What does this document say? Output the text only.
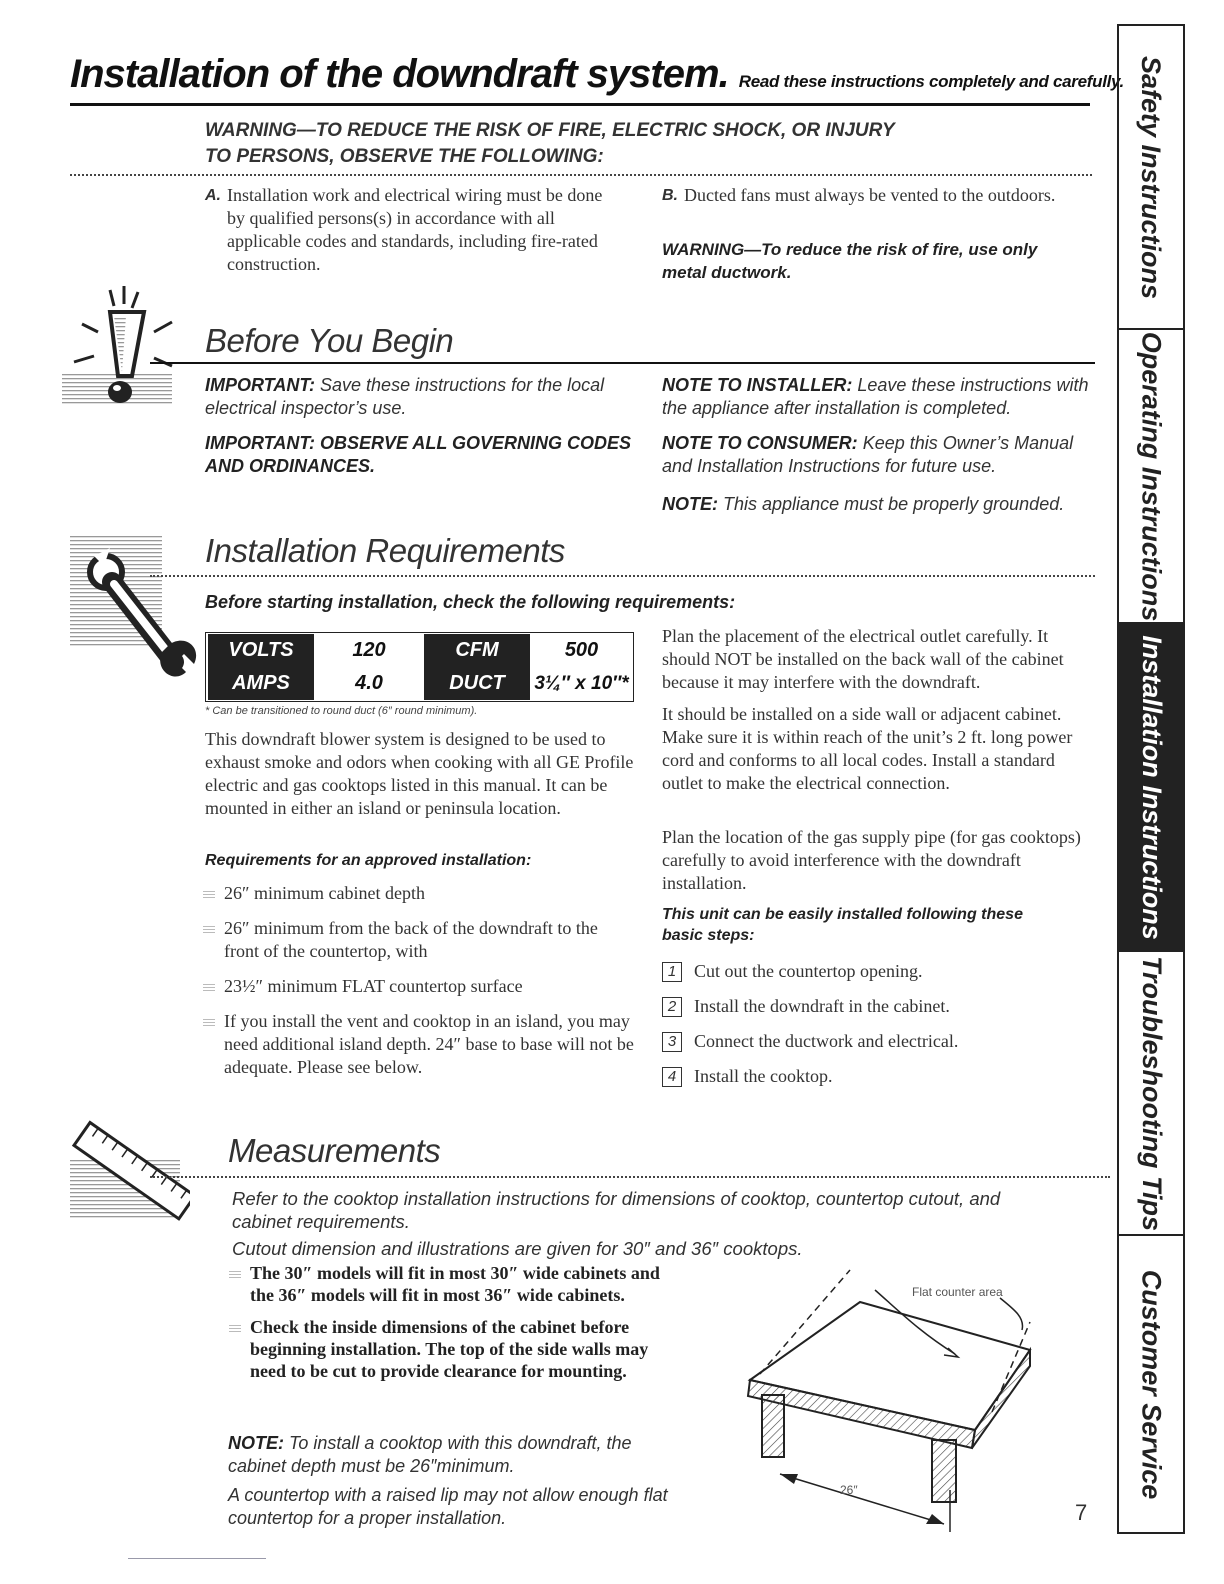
Installation of the downdraft system. Read these instructions completely and carefully.
WARNING—TO REDUCE THE RISK OF FIRE, ELECTRIC SHOCK, OR INJURY
TO PERSONS, OBSERVE THE FOLLOWING:
A. Installation work and electrical wiring must be done by qualified persons(s) in accordance with all applicable codes and standards, including fire-rated construction.
B. Ducted fans must always be vented to the outdoors.
WARNING—To reduce the risk of fire, use only metal ductwork.
Before You Begin
IMPORTANT: Save these instructions for the local electrical inspector’s use.
IMPORTANT: OBSERVE ALL GOVERNING CODES AND ORDINANCES.
NOTE TO INSTALLER: Leave these instructions with the appliance after installation is completed.
NOTE TO CONSUMER: Keep this Owner’s Manual and Installation Instructions for future use.
NOTE: This appliance must be properly grounded.
Installation Requirements
Before starting installation, check the following requirements:
VOLTS	120	CFM	500
AMPS	4.0	DUCT	3¼″ x 10″*
* Can be transitioned to round duct (6″ round minimum).
This downdraft blower system is designed to be used to exhaust smoke and odors when cooking with all GE Profile electric and gas cooktops listed in this manual. It can be mounted in either an island or peninsula location.
Requirements for an approved installation:
26″ minimum cabinet depth
26″ minimum from the back of the downdraft to the front of the countertop, with
23½″ minimum FLAT countertop surface
If you install the vent and cooktop in an island, you may need additional island depth. 24″ base to base will not be adequate. Please see below.
Plan the placement of the electrical outlet carefully. It should NOT be installed on the back wall of the cabinet because it may interfere with the downdraft.
It should be installed on a side wall or adjacent cabinet. Make sure it is within reach of the unit’s 2 ft. long power cord and conforms to all local codes. Install a standard outlet to make the electrical connection.
Plan the location of the gas supply pipe (for gas cooktops) carefully to avoid interference with the downdraft installation.
This unit can be easily installed following these basic steps:
1 Cut out the countertop opening.
2 Install the downdraft in the cabinet.
3 Connect the ductwork and electrical.
4 Install the cooktop.
Measurements
Refer to the cooktop installation instructions for dimensions of cooktop, countertop cutout, and cabinet requirements.
Cutout dimension and illustrations are given for 30″ and 36″ cooktops.
The 30″ models will fit in most 30″ wide cabinets and the 36″ models will fit in most 36″ wide cabinets.
Check the inside dimensions of the cabinet before beginning installation. The top of the side walls may need to be cut to provide clearance for mounting.
NOTE: To install a cooktop with this downdraft, the cabinet depth must be 26″minimum.
A countertop with a raised lip may not allow enough flat countertop for a proper installation.
Flat counter area
26″
7
Safety Instructions
Operating Instructions
Installation Instructions
Troubleshooting Tips
Customer Service
